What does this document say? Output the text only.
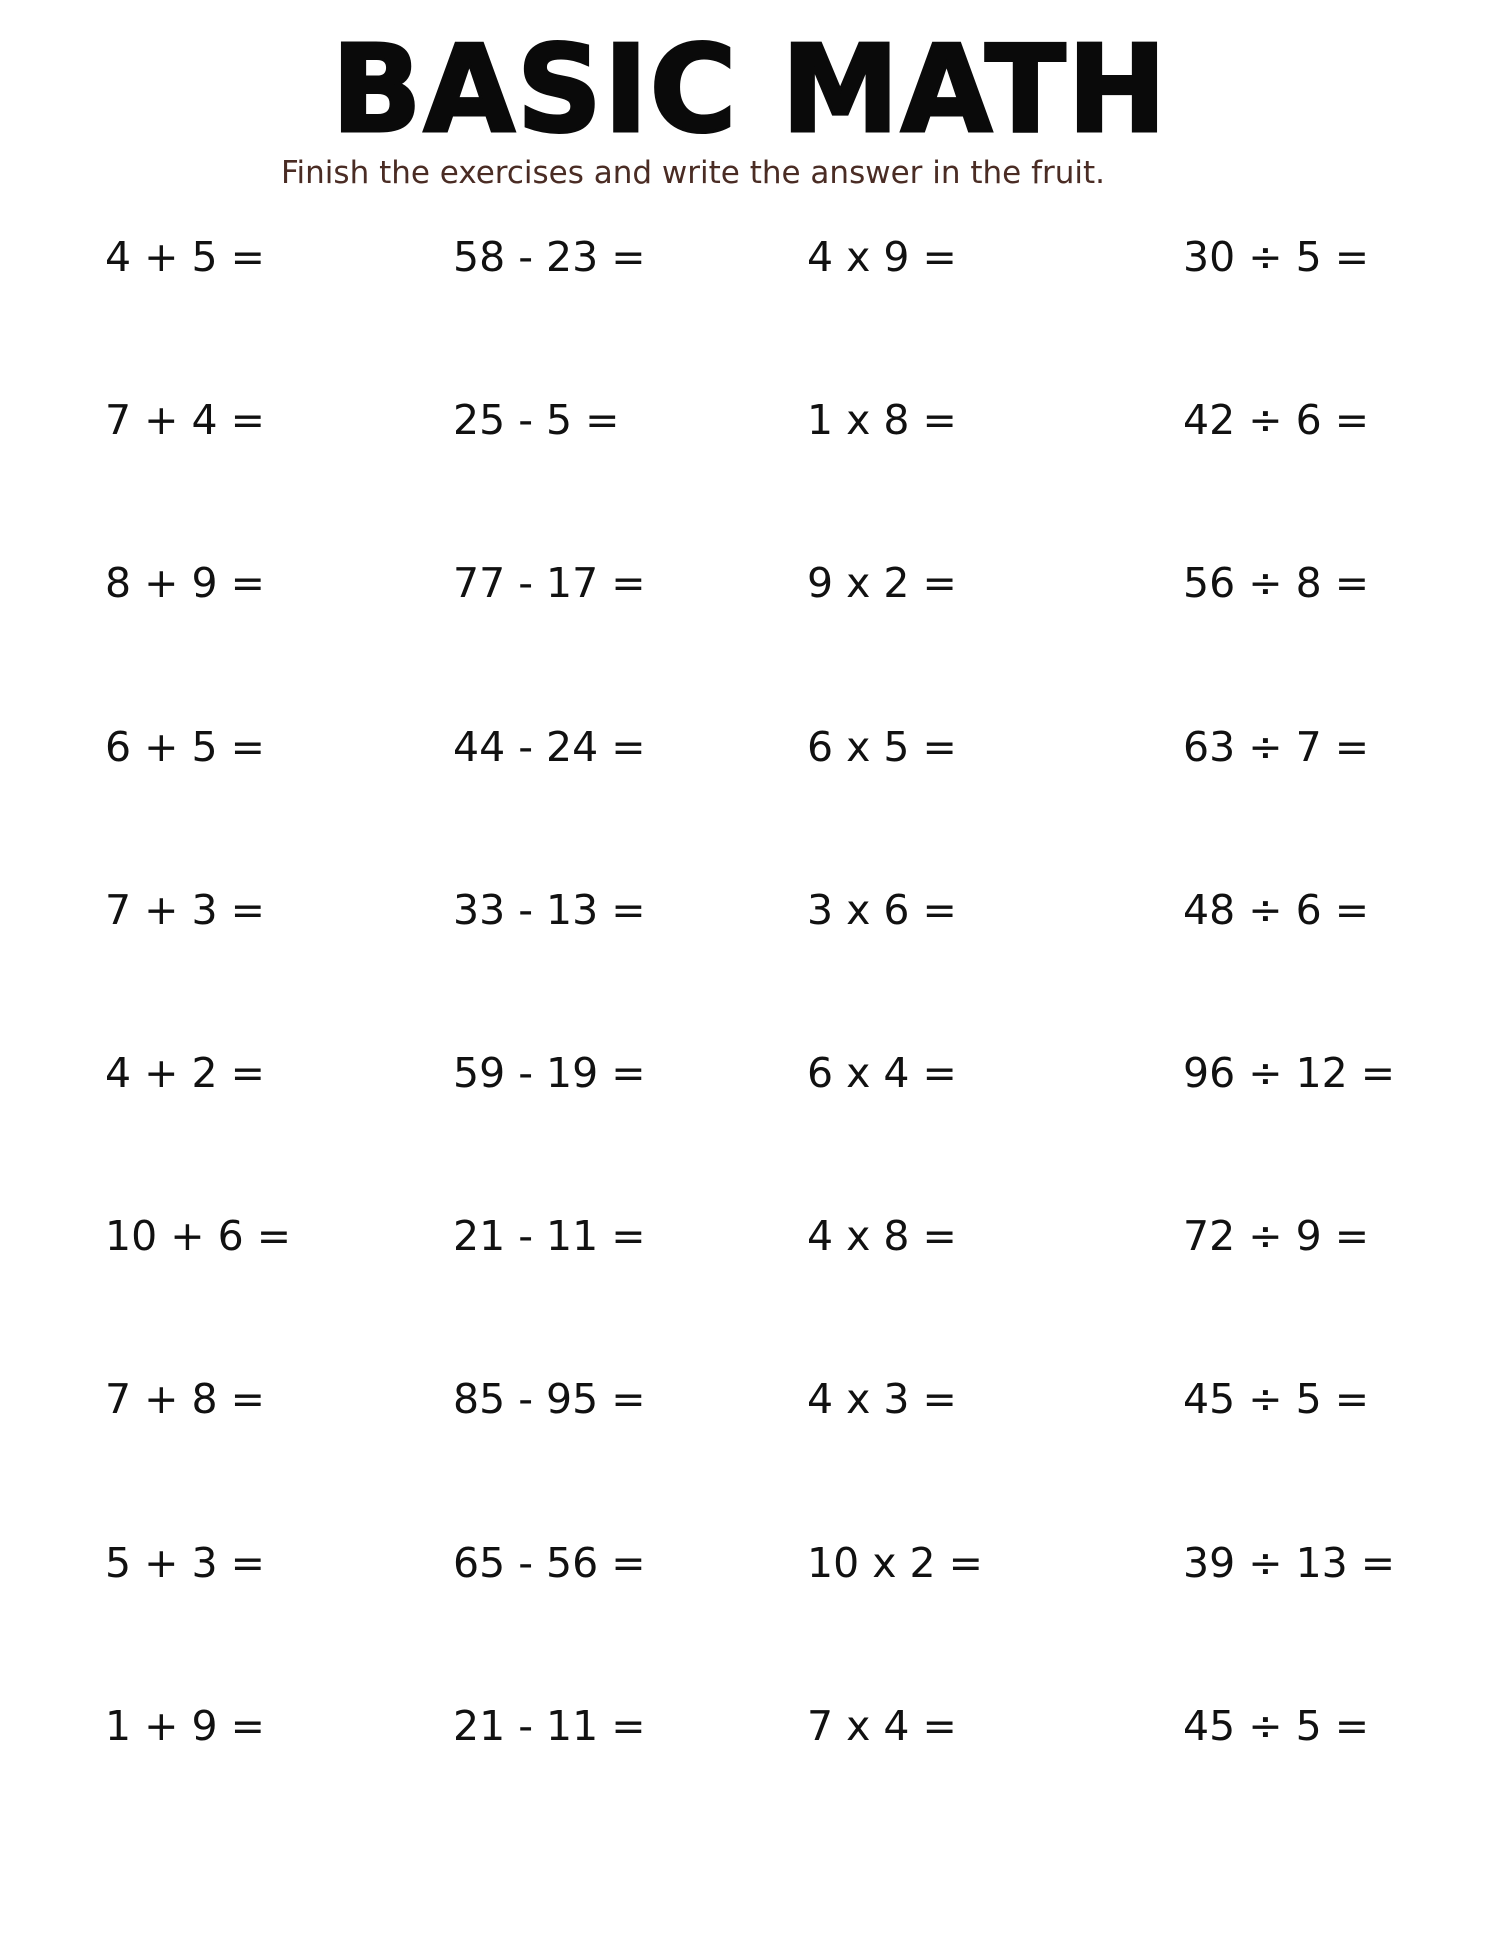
BASIC MATH
Finish the exercises and write the answer in the fruit.
4 + 5 =
7 + 4 =
8 + 9 =
6 + 5 =
7 + 3 =
4 + 2 =
10 + 6 =
7 + 8 =
5 + 3 =
1 + 9 =
58 - 23 =
25 - 5 =
77 - 17 =
44 - 24 =
33 - 13 =
59 - 19 =
21 - 11 =
85 - 95 =
65 - 56 =
21 - 11 =
4 x 9 =
1 x 8 =
9 x 2 =
6 x 5 =
3 x 6 =
6 x 4 =
4 x 8 =
4 x 3 =
10 x 2 =
7 x 4 =
30 ÷ 5 =
42 ÷ 6 =
56 ÷ 8 =
63 ÷ 7 =
48 ÷ 6 =
96 ÷ 12 =
72 ÷ 9 =
45 ÷ 5 =
39 ÷ 13 =
45 ÷ 5 =
